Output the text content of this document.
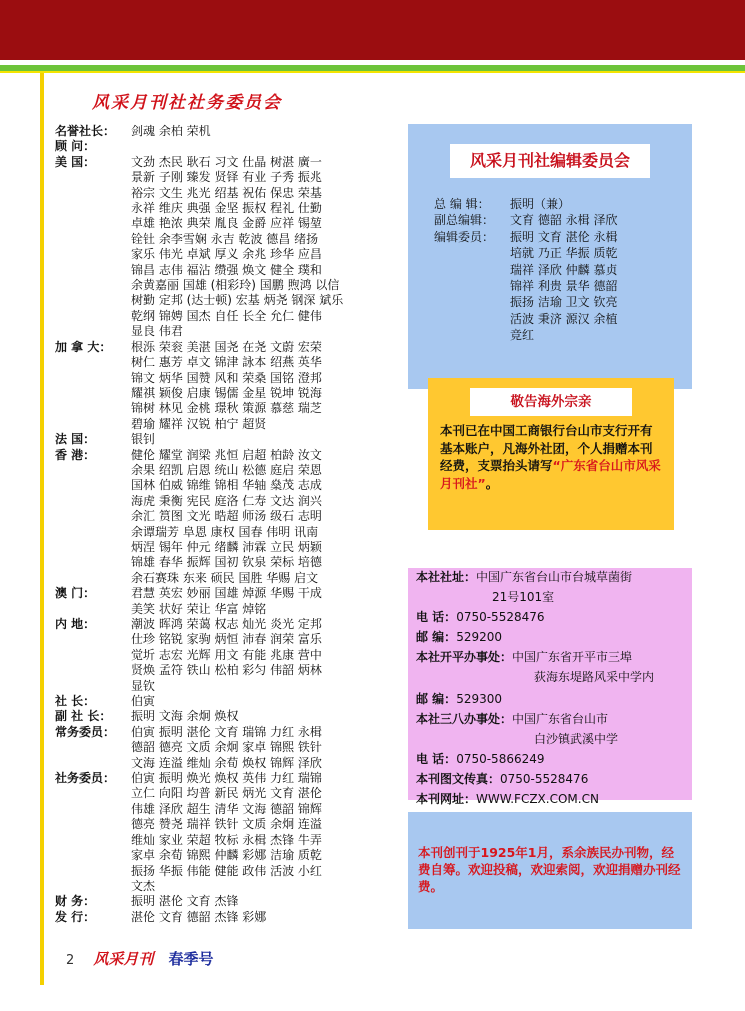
风采月刊社社务委员会
名誉社长：	剑魂 余柏 荣机
顾 问：
美 国：	文劲 杰民 耿石 习文 仕晶 树湛 廣一
景新 子刚 臻发 贤铎 有业 子秀 振兆
裕宗 文生 兆光 绍基 祝佑 保忠 荣基
永祥 维庆 典强 金坚 振权 程礼 仕勤
卓雄 艳浓 典荣 胤良 金爵 应祥 锡堃
铨钍 余李雪娴 永吉 乾波 德昌 绪扬
家乐 伟光 卓斌 厚义 余兆 珍华 应昌
锦昌 志伟 福沾 缵强 焕文 健全 璞和
余黄嘉丽 国雄 (相彩玲) 国鹏 煦鸿 以信
树勤 定邦 (达士顿) 宏基 炳尧 钢深 斌乐
乾纲 锦娉 国杰 自任 长全 允仁 健伟
显良 伟君
加 拿 大：	根泺 荣衮 美湛 国尧 在尧 文蔚 宏荣
树仁 惠芳 卓文 锦津 詠本 绍燕 英华
锦文 炳华 国赞 风和 荣桑 国铭 澄邦
耀祺 颖俊 启康 锡儒 金星 锐坤 锐海
锦树 林见 金桃 璟秋 策源 慕慈 瑞芝
碧瑜 耀祥 汉锐 柏宁 超贤
法 国：	银钊
香 港：	健伦 耀堂 润梁 兆恒 启超 柏龄 汝文
余果 绍凯 启恩 统山 松德 庭启 荣恩
国林 伯威 锦维 锦相 华轴 燊茂 志成
海虎 秉衡 宪民 庭洛 仁寿 文达 润兴
余汇 筼图 文光 晧超 师汤 级石 志明
余谭瑞芳 阜恩 康权 国春 伟明 讯南
炳涅 锡年 仲元 绪麟 沛霖 立民 炳颖
锦雄 春华 振辉 国初 钦泉 荣标 培德
余石赛珠 东来 硕民 国胜 华赐 启文
澳 门：	君慧 英宏 妙丽 国雄 焯源 华赐 干成
美笑 状好 荣让 华富 焯铭
内 地：	潮波 晖鸿 荣蔼 权志 灿光 炎光 定邦
仕珍 铭锐 家驹 炳恒 沛春 润荣 富乐
觉圻 志宏 光辉 用文 有能 兆康 营中
贤焕 孟符 铁山 松柏 彩匀 伟韶 炳林
显钦
社 长：	伯寅
副 社 长：	振明 文海 余炯 焕权
常务委员：	伯寅 振明 湛伦 文育 瑞锦 力红 永楫
德韶 德亮 文质 余炯 家卓 锦熙 铁针
文海 连溢 维灿 余荀 焕权 锦辉 泽欣
社务委员：	伯寅 振明 焕光 焕权 英伟 力红 瑞锦
立仁 向阳 均普 新民 炳光 文育 湛伦
伟雄 泽欣 超生 清华 文海 德韶 锦辉
德亮 赞尧 瑞祥 铁针 文质 余炯 连溢
维灿 家业 荣超 牧标 永楫 杰锋 牛弄
家卓 余荀 锦熙 仲麟 彩娜 洁瑜 质乾
振扬 华振 伟能 健能 政伟 活波 小红
文杰
财 务：	振明 湛伦 文育 杰锋
发 行：	湛伦 文育 德韶 杰锋 彩娜
风采月刊社编辑委员会
总 编 辑：	振明（兼）
副总编辑：	文育 德韶 永楫 泽欣
编辑委员：	振明 文育 湛伦 永楫
培就 乃正 华振 质乾
瑞祥 泽欣 仲麟 慕贞
锦祥 利贵 景华 德韶
振扬 洁瑜 卫文 钦亮
活波 秉济 源汉 余植
竞红
敬告海外宗亲
本刊已在中国工商银行台山市支行开有基本账户，凡海外社团，个人捐赠本刊经费，支票抬头请写“广东省台山市风采月刊社”。
本社社址：中国广东省台山市台城草菌街
21号101室
电 话：0750-5528476
邮 编：529200
本社开平办事处：中国广东省开平市三埠
荻海东堤路风采中学内
邮 编：529300
本社三八办事处：中国广东省台山市
白沙镇武溪中学
电 话：0750-5866249
本刊图文传真：0750-5528476
本刊网址：WWW.FCZX.COM.CN
本刊创刊于1925年1月，系余族民办刊物，经费自筹。欢迎投稿，欢迎索阅，欢迎捐赠办刊经费。
2 风采月刊 春季号
